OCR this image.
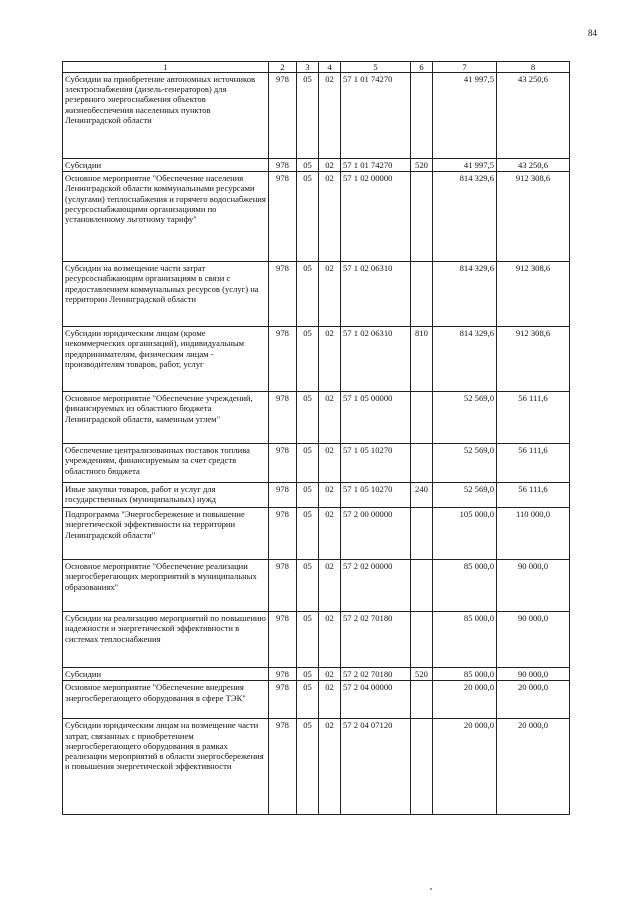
84
1	2	3	4	5	6	7	8
Субсидии на приобретение автономных источников электроснабжения (дизель-генераторов) для резервного энергоснабжения объектов жизнеобеспечения населенных пунктов Ленинградской области	978	05	02	57 1 01 74270		41 997,5	43 250,6
Субсидии	978	05	02	57 1 01 74270	520	41 997,5	43 250,6
Основное мероприятие "Обеспечение населения Ленинградской области коммунальными ресурсами (услугами) теплоснабжения и горячего водоснабжения ресурсоснабжающими организациями по установленному льготному тарифу"	978	05	02	57 1 02 00000		814 329,6	912 308,6
Субсидии на возмещение части затрат ресурсоснабжающим организациям в связи с предоставлением коммунальных ресурсов (услуг) на территории Ленинградской области	978	05	02	57 1 02 06310		814 329,6	912 308,6
Субсидии юридическим лицам (кроме некоммерческих организаций), индивидуальным предпринимателям, физическим лицам - производителям товаров, работ, услуг	978	05	02	57 1 02 06310	810	814 329,6	912 308,6
Основное мероприятие "Обеспечение учреждений, финансируемых из областного бюджета Ленинградской области, каменным углем"	978	05	02	57 1 05 00000		52 569,0	56 111,6
Обеспечение централизованных поставок топлива учреждениям, финансируемым за счет средств областного бюджета	978	05	02	57 1 05 10270		52 569,0	56 111,6
Иные закупки товаров, работ и услуг для государственных (муниципальных) нужд	978	05	02	57 1 05 10270	240	52 569,0	56 111,6
Подпрограмма "Энергосбережение и повышение энергетической эффективности на территории Ленинградской области"	978	05	02	57 2 00 00000		105 000,0	110 000,0
Основное мероприятие "Обеспечение реализации энергосберегающих мероприятий в муниципальных образованиях"	978	05	02	57 2 02 00000		85 000,0	90 000,0
Субсидии на реализацию мероприятий по повышению надежности и энергетической эффективности в системах теплоснабжения	978	05	02	57 2 02 70180		85 000,0	90 000,0
Субсидии	978	05	02	57 2 02 70180	520	85 000,0	90 000,0
Основное мероприятие "Обеспечение внедрения энергосберегающего оборудования в сфере ТЭК"	978	05	02	57 2 04 00000		20 000,0	20 000,0
Субсидии юридическим лицам на возмещение части затрат, связанных с приобретением энергосберегающего оборудования в рамках реализации мероприятий в области энергосбережения и повышения энергетической эффективности	978	05	02	57 2 04 07120		20 000,0	20 000,0
